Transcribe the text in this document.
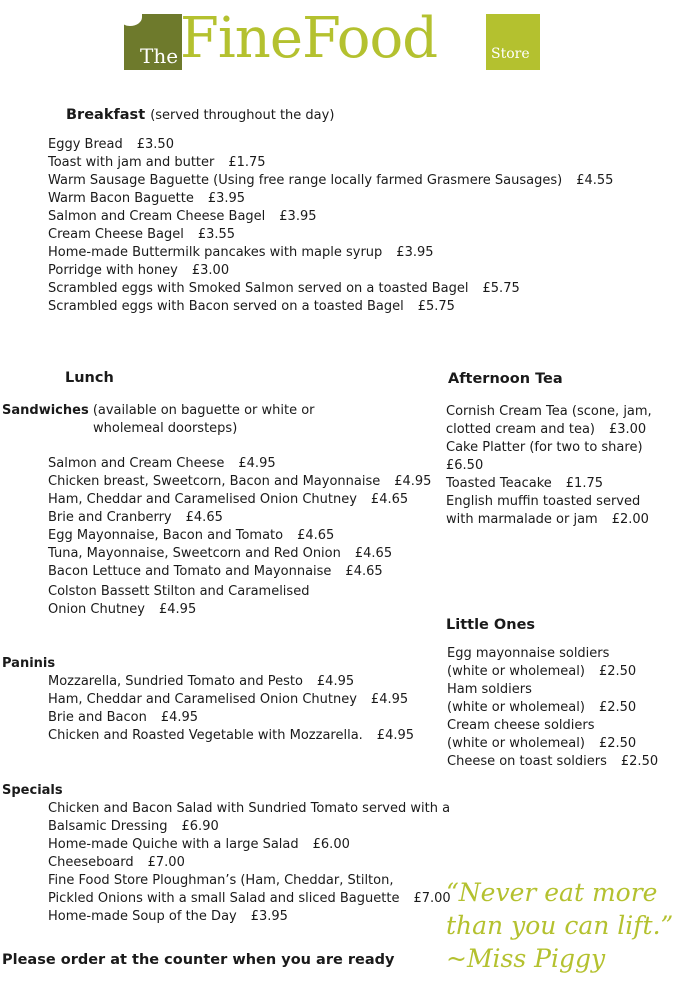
The FineFood	Store
Breakfast (served throughout the day)
Eggy Bread £3.50
Toast with jam and butter £1.75
Warm Sausage Baguette (Using free range locally farmed Grasmere Sausages) £4.55
Warm Bacon Baguette £3.95
Salmon and Cream Cheese Bagel £3.95
Cream Cheese Bagel £3.55
Home-made Buttermilk pancakes with maple syrup £3.95
Porridge with honey £3.00
Scrambled eggs with Smoked Salmon served on a toasted Bagel £5.75
Scrambled eggs with Bacon served on a toasted Bagel £5.75
Lunch
Sandwiches (available on baguette or white or
wholemeal doorsteps)
Salmon and Cream Cheese £4.95
Chicken breast, Sweetcorn, Bacon and Mayonnaise £4.95
Ham, Cheddar and Caramelised Onion Chutney £4.65
Brie and Cranberry £4.65
Egg Mayonnaise, Bacon and Tomato £4.65
Tuna, Mayonnaise, Sweetcorn and Red Onion £4.65
Bacon Lettuce and Tomato and Mayonnaise £4.65
Colston Bassett Stilton and Caramelised
Onion Chutney £4.95
Paninis
Mozzarella, Sundried Tomato and Pesto £4.95
Ham, Cheddar and Caramelised Onion Chutney £4.95
Brie and Bacon £4.95
Chicken and Roasted Vegetable with Mozzarella. £4.95
Specials
Chicken and Bacon Salad with Sundried Tomato served with a
Balsamic Dressing £6.90
Home-made Quiche with a large Salad £6.00
Cheeseboard £7.00
Fine Food Store Ploughman’s (Ham, Cheddar, Stilton,
Pickled Onions with a small Salad and sliced Baguette £7.00
Home-made Soup of the Day £3.95
Afternoon Tea
Cornish Cream Tea (scone, jam,
clotted cream and tea) £3.00
Cake Platter (for two to share)
£6.50
Toasted Teacake £1.75
English muffin toasted served
with marmalade or jam £2.00
Little Ones
Egg mayonnaise soldiers
(white or wholemeal) £2.50
Ham soldiers
(white or wholemeal) £2.50
Cream cheese soldiers
(white or wholemeal) £2.50
Cheese on toast soldiers £2.50
“Never eat more
than you can lift.”
~Miss Piggy
Please order at the counter when you are ready
